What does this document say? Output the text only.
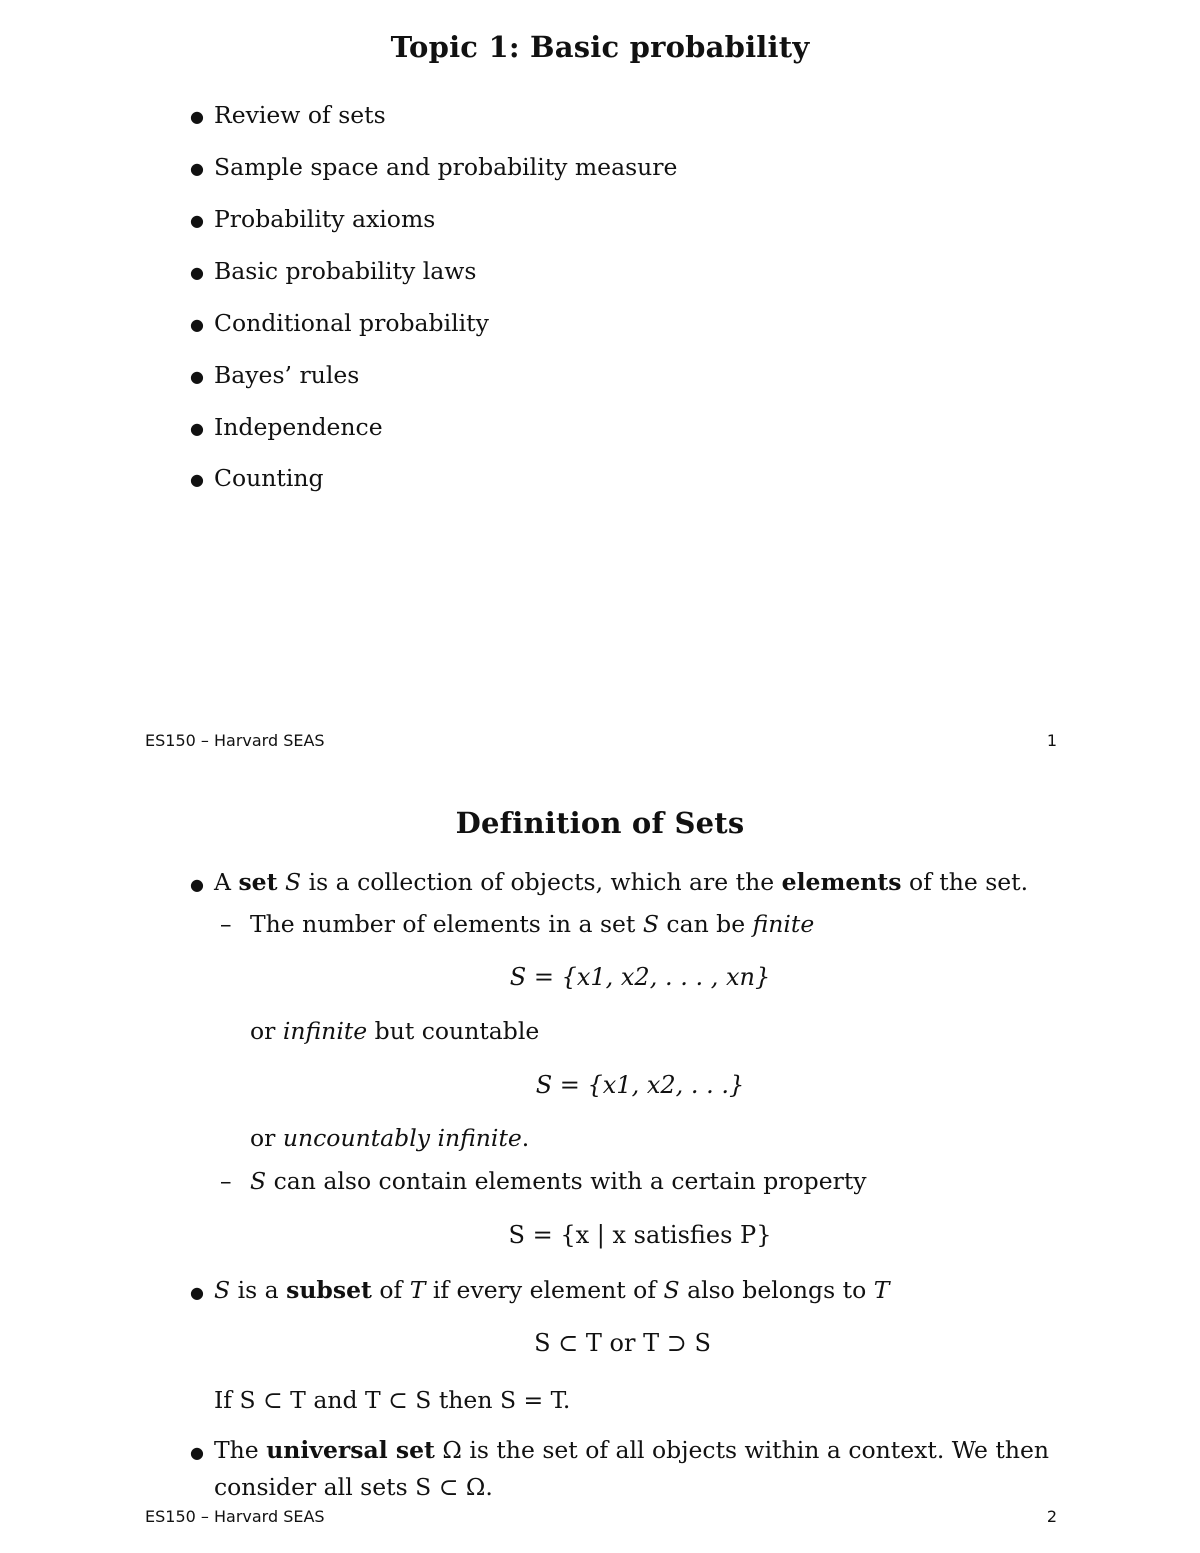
Topic 1: Basic probability
● Review of sets
● Sample space and probability measure
● Probability axioms
● Basic probability laws
● Conditional probability
● Bayes’ rules
● Independence
● Counting
ES150 – Harvard SEAS	1
Definition of Sets
● A set S is a collection of objects, which are the elements of the set.
– The number of elements in a set S can be finite
S = {x1, x2, . . . , xn}
or infinite but countable
S = {x1, x2, . . .}
or uncountably infinite.
– S can also contain elements with a certain property
S = {x | x satisfies P}
● S is a subset of T if every element of S also belongs to T
S ⊂ T or T ⊃ S
If S ⊂ T and T ⊂ S then S = T.
● The universal set Ω is the set of all objects within a context. We then
consider all sets S ⊂ Ω.
ES150 – Harvard SEAS	2
